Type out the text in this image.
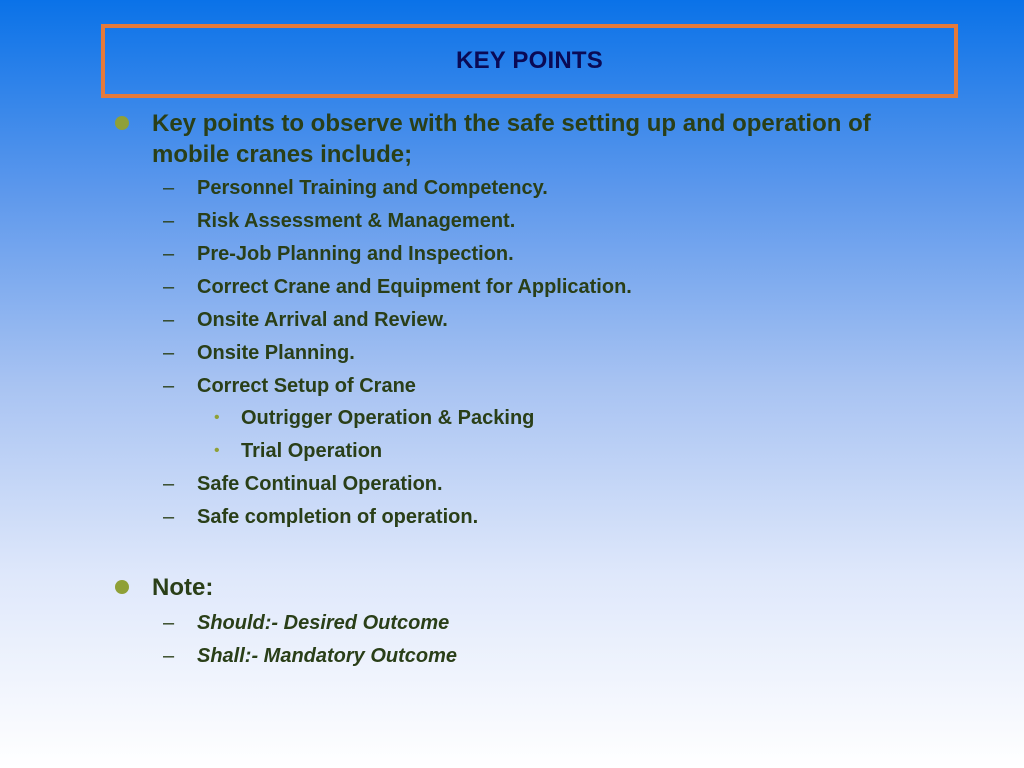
KEY POINTS
Key points to observe with the safe setting up and operation of
mobile cranes include;
– Personnel Training and Competency.
– Risk Assessment & Management.
– Pre-Job Planning and Inspection.
– Correct Crane and Equipment for Application.
– Onsite Arrival and Review.
– Onsite Planning.
– Correct Setup of Crane
• Outrigger Operation & Packing
• Trial Operation
– Safe Continual Operation.
– Safe completion of operation.
Note:
– Should:- Desired Outcome
– Shall:- Mandatory Outcome
